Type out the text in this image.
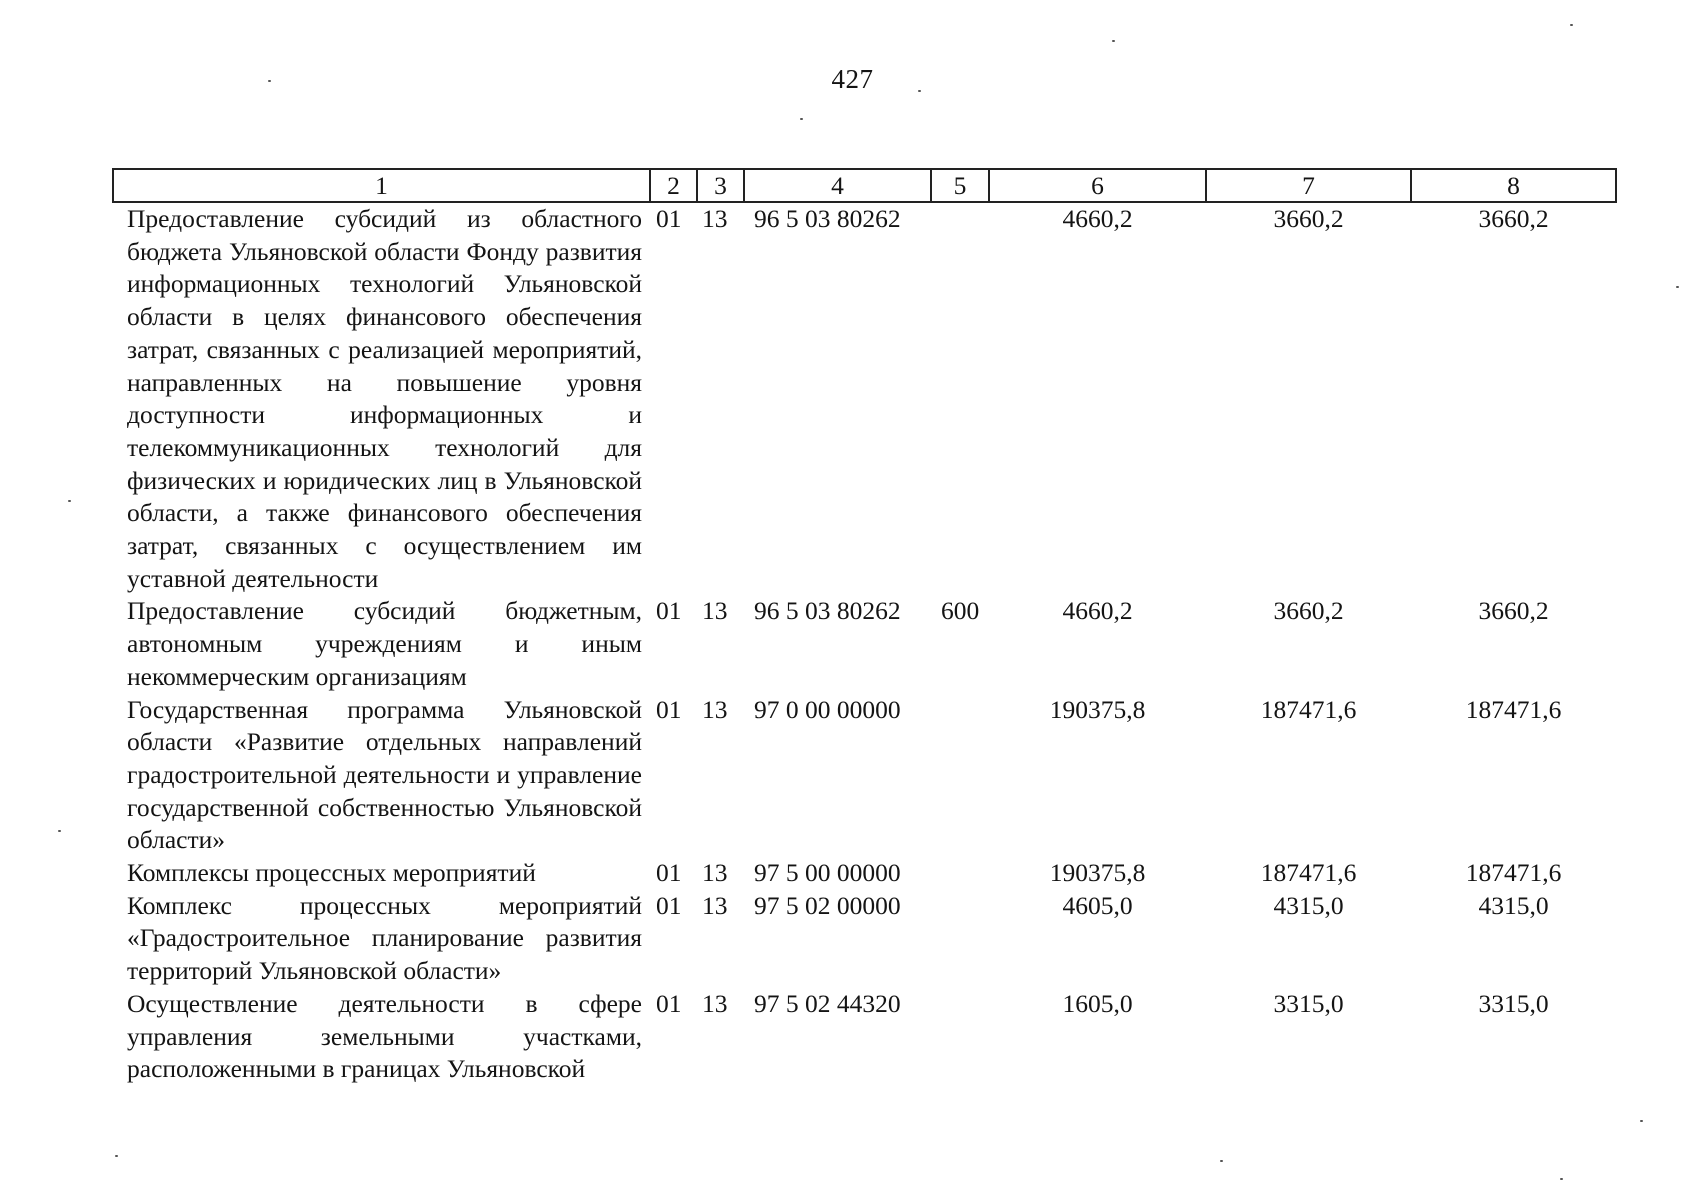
427
1	2	3	4	5	6	7	8
Предоставление субсидий из областного бюджета Ульяновской области Фонду развития информационных технологий Ульяновской области в целях финансового обеспечения затрат, связанных с реализацией мероприятий, направленных на повышение уровня доступности информационных и телекоммуникационных технологий для физических и юридических лиц в Ульяновской области, а также финансового обеспечения затрат, связанных с осуществлением им уставной деятельности	01	13	96 5 03 80262		4660,2	3660,2	3660,2
Предоставление субсидий бюджетным, автономным учреждениям и иным некоммерческим организациям	01	13	96 5 03 80262	600	4660,2	3660,2	3660,2
Государственная программа Ульяновской области «Развитие отдельных направлений градостроительной деятельности и управление государственной собственностью Ульяновской области»	01	13	97 0 00 00000		190375,8	187471,6	187471,6
Комплексы процессных мероприятий	01	13	97 5 00 00000		190375,8	187471,6	187471,6
Комплекс процессных мероприятий «Градостроительное планирование развития территорий Ульяновской области»	01	13	97 5 02 00000		4605,0	4315,0	4315,0
Осуществление деятельности в сфере управления земельными участками, расположенными в границах Ульяновской	01	13	97 5 02 44320		1605,0	3315,0	3315,0
